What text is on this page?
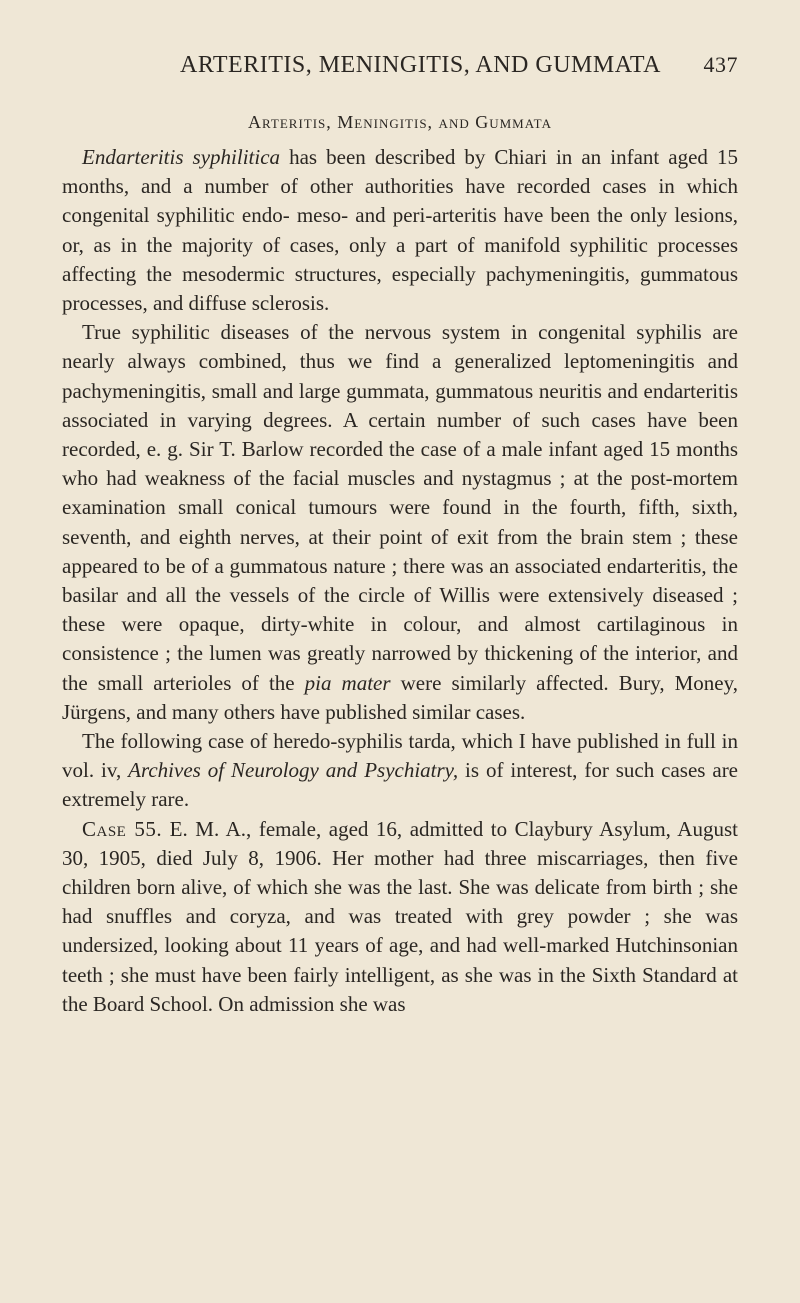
ARTERITIS, MENINGITIS, AND GUMMATA 437
Arteritis, Meningitis, and Gummata

Endarteritis syphilitica has been described by Chiari in an infant aged 15 months, and a number of other authorities have recorded cases in which congenital syphilitic endo- meso- and peri-arteritis have been the only lesions, or, as in the majority of cases, only a part of manifold syphilitic processes affecting the mesodermic structures, especially pachymeningitis, gummatous processes, and diffuse sclerosis.

True syphilitic diseases of the nervous system in congenital syphilis are nearly always combined, thus we find a generalized leptomeningitis and pachymeningitis, small and large gummata, gummatous neuritis and endarteritis associated in varying degrees. A certain number of such cases have been recorded, e. g. Sir T. Barlow recorded the case of a male infant aged 15 months who had weakness of the facial muscles and nystagmus ; at the post-mortem examination small conical tumours were found in the fourth, fifth, sixth, seventh, and eighth nerves, at their point of exit from the brain stem ; these appeared to be of a gummatous nature ; there was an associated endarteritis, the basilar and all the vessels of the circle of Willis were extensively diseased ; these were opaque, dirty-white in colour, and almost cartilaginous in consistence ; the lumen was greatly narrowed by thickening of the interior, and the small arterioles of the pia mater were similarly affected. Bury, Money, Jürgens, and many others have published similar cases.

The following case of heredo-syphilis tarda, which I have published in full in vol. iv, Archives of Neurology and Psychiatry, is of interest, for such cases are extremely rare.

Case 55. E. M. A., female, aged 16, admitted to Claybury Asylum, August 30, 1905, died July 8, 1906. Her mother had three miscarriages, then five children born alive, of which she was the last. She was delicate from birth ; she had snuffles and coryza, and was treated with grey powder ; she was undersized, looking about 11 years of age, and had well-marked Hutchinsonian teeth ; she must have been fairly intelligent, as she was in the Sixth Standard at the Board School. On admission she was
